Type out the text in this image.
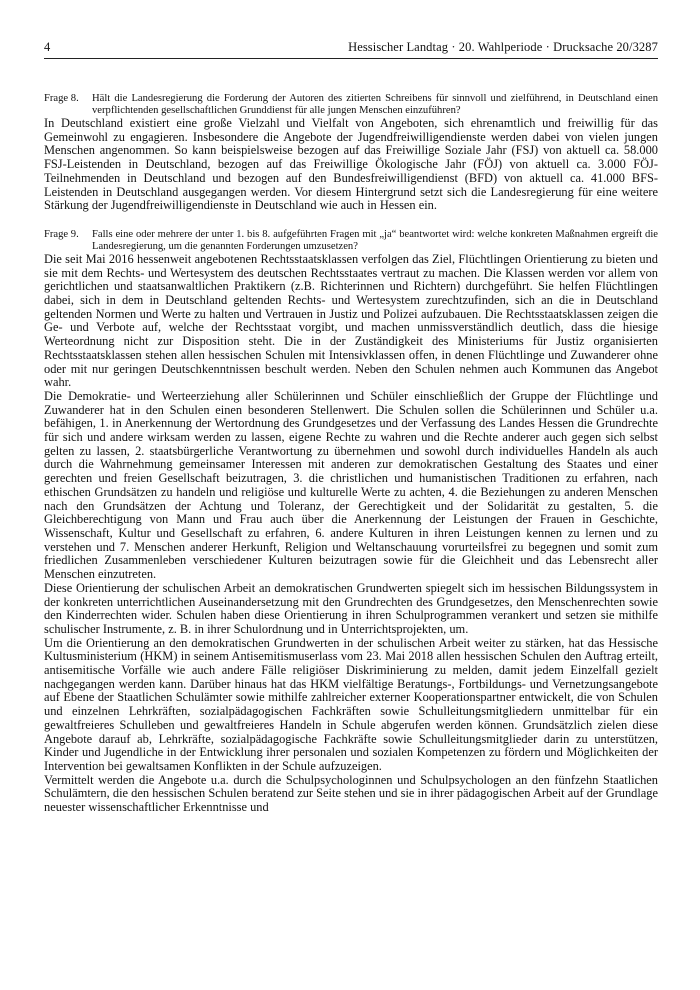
4	Hessischer Landtag · 20. Wahlperiode · Drucksache 20/3287
Frage 8.	Hält die Landesregierung die Forderung der Autoren des zitierten Schreibens für sinnvoll und zielführend, in Deutschland einen verpflichtenden gesellschaftlichen Grunddienst für alle jungen Menschen einzuführen?

In Deutschland existiert eine große Vielzahl und Vielfalt von Angeboten, sich ehrenamtlich und freiwillig für das Gemeinwohl zu engagieren. Insbesondere die Angebote der Jugendfreiwilligendienste werden dabei von vielen jungen Menschen angenommen. So kann beispielsweise bezogen auf das Freiwillige Soziale Jahr (FSJ) von aktuell ca. 58.000 FSJ-Leistenden in Deutschland, bezogen auf das Freiwillige Ökologische Jahr (FÖJ) von aktuell ca. 3.000 FÖJ-Teilnehmenden in Deutschland und bezogen auf den Bundesfreiwilligendienst (BFD) von aktuell ca. 41.000 BFS-Leistenden in Deutschland ausgegangen werden. Vor diesem Hintergrund setzt sich die Landesregierung für eine weitere Stärkung der Jugendfreiwilligendienste in Deutschland wie auch in Hessen ein.

Frage 9.	Falls eine oder mehrere der unter 1. bis 8. aufgeführten Fragen mit „ja“ beantwortet wird: welche konkreten Maßnahmen ergreift die Landesregierung, um die genannten Forderungen umzusetzen?

Die seit Mai 2016 hessenweit angebotenen Rechtsstaatsklassen verfolgen das Ziel, Flüchtlingen Orientierung zu bieten und sie mit dem Rechts- und Wertesystem des deutschen Rechtsstaates vertraut zu machen. Die Klassen werden vor allem von gerichtlichen und staatsanwaltlichen Praktikern (z.B. Richterinnen und Richtern) durchgeführt. Sie helfen Flüchtlingen dabei, sich in dem in Deutschland geltenden Rechts- und Wertesystem zurechtzufinden, sich an die in Deutschland geltenden Normen und Werte zu halten und Vertrauen in Justiz und Polizei aufzubauen. Die Rechtsstaatsklassen zeigen die Ge- und Verbote auf, welche der Rechtsstaat vorgibt, und machen unmissverständlich deutlich, dass die hiesige Werteordnung nicht zur Disposition steht. Die in der Zuständigkeit des Ministeriums für Justiz organisierten Rechtsstaatsklassen stehen allen hessischen Schulen mit Intensivklassen offen, in denen Flüchtlinge und Zuwanderer ohne oder mit nur geringen Deutschkenntnissen beschult werden. Neben den Schulen nehmen auch Kommunen das Angebot wahr.

Die Demokratie- und Werteerziehung aller Schülerinnen und Schüler einschließlich der Gruppe der Flüchtlinge und Zuwanderer hat in den Schulen einen besonderen Stellenwert. Die Schulen sollen die Schülerinnen und Schüler u.a. befähigen, 1. in Anerkennung der Wertordnung des Grundgesetzes und der Verfassung des Landes Hessen die Grundrechte für sich und andere wirksam werden zu lassen, eigene Rechte zu wahren und die Rechte anderer auch gegen sich selbst gelten zu lassen, 2. staatsbürgerliche Verantwortung zu übernehmen und sowohl durch individuelles Handeln als auch durch die Wahrnehmung gemeinsamer Interessen mit anderen zur demokratischen Gestaltung des Staates und einer gerechten und freien Gesellschaft beizutragen, 3. die christlichen und humanistischen Traditionen zu erfahren, nach ethischen Grundsätzen zu handeln und religiöse und kulturelle Werte zu achten, 4. die Beziehungen zu anderen Menschen nach den Grundsätzen der Achtung und Toleranz, der Gerechtigkeit und der Solidarität zu gestalten, 5. die Gleichberechtigung von Mann und Frau auch über die Anerkennung der Leistungen der Frauen in Geschichte, Wissenschaft, Kultur und Gesellschaft zu erfahren, 6. andere Kulturen in ihren Leistungen kennen zu lernen und zu verstehen und 7. Menschen anderer Herkunft, Religion und Weltanschauung vorurteilsfrei zu begegnen und somit zum friedlichen Zusammenleben verschiedener Kulturen beizutragen sowie für die Gleichheit und das Lebensrecht aller Menschen einzutreten.

Diese Orientierung der schulischen Arbeit an demokratischen Grundwerten spiegelt sich im hessischen Bildungssystem in der konkreten unterrichtlichen Auseinandersetzung mit den Grundrechten des Grundgesetzes, den Menschenrechten sowie den Kinderrechten wider. Schulen haben diese Orientierung in ihren Schulprogrammen verankert und setzen sie mithilfe schulischer Instrumente, z. B. in ihrer Schulordnung und in Unterrichtsprojekten, um.

Um die Orientierung an den demokratischen Grundwerten in der schulischen Arbeit weiter zu stärken, hat das Hessische Kultusministerium (HKM) in seinem Antisemitismuserlass vom 23. Mai 2018 allen hessischen Schulen den Auftrag erteilt, antisemitische Vorfälle wie auch andere Fälle religiöser Diskriminierung zu melden, damit jedem Einzelfall gezielt nachgegangen werden kann. Darüber hinaus hat das HKM vielfältige Beratungs-, Fortbildungs- und Vernetzungsangebote auf Ebene der Staatlichen Schulämter sowie mithilfe zahlreicher externer Kooperationspartner entwickelt, die von Schulen und einzelnen Lehrkräften, sozialpädagogischen Fachkräften sowie Schulleitungsmitgliedern unmittelbar für ein gewaltfreieres Schulleben und gewaltfreieres Handeln in Schule abgerufen werden können. Grundsätzlich zielen diese Angebote darauf ab, Lehrkräfte, sozialpädagogische Fachkräfte sowie Schulleitungsmitglieder darin zu unterstützen, Kinder und Jugendliche in der Entwicklung ihrer personalen und sozialen Kompetenzen zu fördern und Möglichkeiten der Intervention bei gewaltsamen Konflikten in der Schule aufzuzeigen.

Vermittelt werden die Angebote u.a. durch die Schulpsychologinnen und Schulpsychologen an den fünfzehn Staatlichen Schulämtern, die den hessischen Schulen beratend zur Seite stehen und sie in ihrer pädagogischen Arbeit auf der Grundlage neuester wissenschaftlicher Erkenntnisse und
